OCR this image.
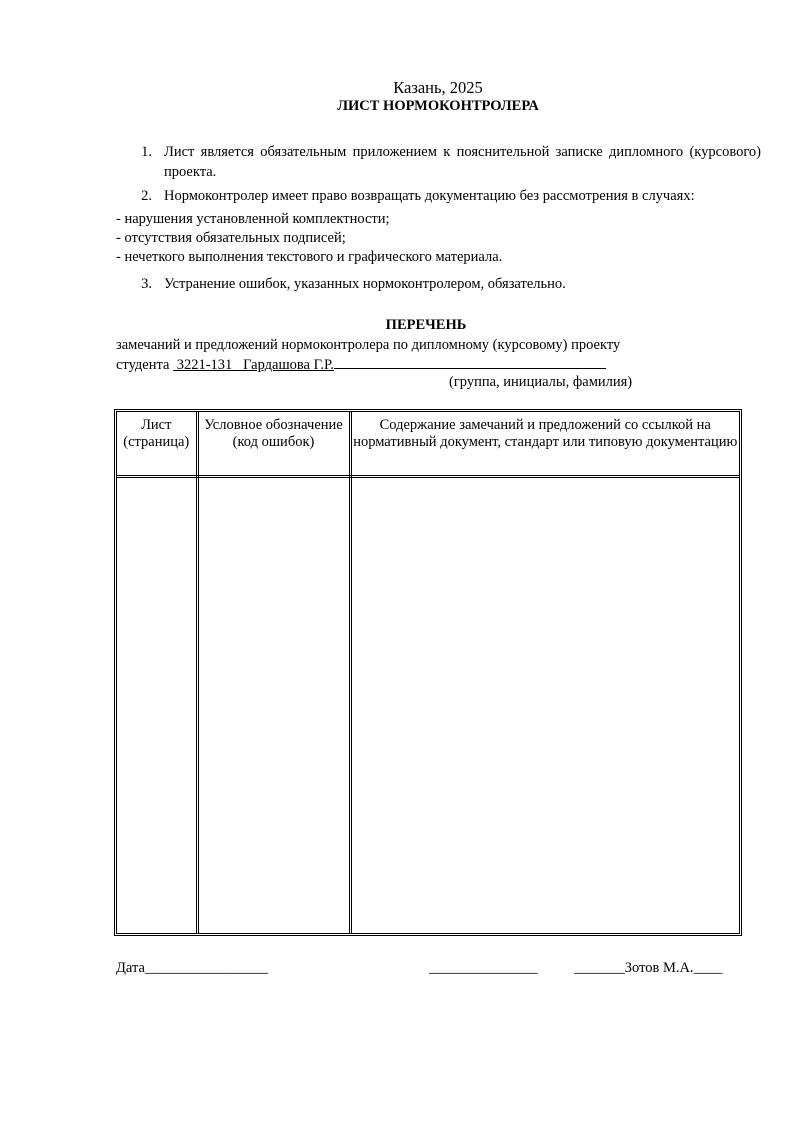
Казань, 2025
ЛИСТ НОРМОКОНТРОЛЕРА
1. Лист является обязательным приложением к пояснительной записке дипломного (курсового) проекта.
2. Нормоконтролер имеет право возвращать документацию без рассмотрения в случаях:
- нарушения установленной комплектности;
- отсутствия обязательных подписей;
- нечеткого выполнения текстового и графического материала.
3. Устранение ошибок, указанных нормоконтролером, обязательно.
ПЕРЕЧЕНЬ
замечаний и предложений нормоконтролера по дипломному (курсовому) проекту
студента  3221-131   Гардашова Г.Р.
(группа, инициалы, фамилия)
Лист (страница)	Условное обозначение (код ошибок)	Содержание замечаний и предложений со ссылкой на нормативный документ, стандарт или типовую документацию

Дата_________________	_______________	_______Зотов М.А.____
